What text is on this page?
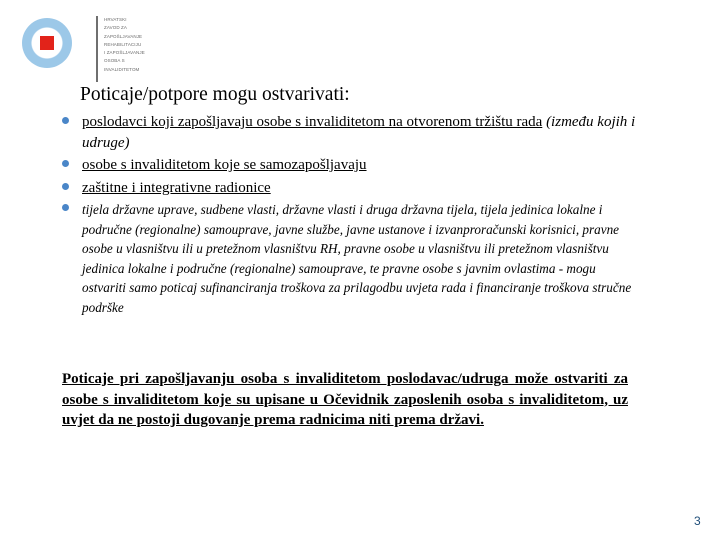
HRVATSKI
ZAVOD ZA
ZAPOŠLJAVANJE
REHABILITACIJU
I ZAPOŠLJAVANJE
OSOBA S
INVALIDITETOM
Poticaje/potpore mogu ostvarivati:
poslodavci koji zapošljavaju osobe s invaliditetom na otvorenom tržištu rada (između kojih i udruge)
osobe s invaliditetom koje se samozapošljavaju
zaštitne i integrativne radionice
tijela državne uprave, sudbene vlasti, državne vlasti i druga državna tijela, tijela jedinica lokalne i područne (regionalne) samouprave, javne službe, javne ustanove i izvanproračunski korisnici, pravne osobe u vlasništvu ili u pretežnom vlasništvu RH, pravne osobe u vlasništvu ili pretežnom vlasništvu jedinica lokalne i područne (regionalne) samouprave, te pravne osobe s javnim ovlastima - mogu ostvariti samo poticaj sufinanciranja troškova za prilagodbu uvjeta rada i financiranje troškova stručne podrške

Poticaje pri zapošljavanju osoba s invaliditetom poslodavac/udruga može ostvariti za osobe s invaliditetom koje su upisane u Očevidnik zaposlenih osoba s invaliditetom, uz uvjet da ne postoji dugovanje prema radnicima niti prema državi.

3
